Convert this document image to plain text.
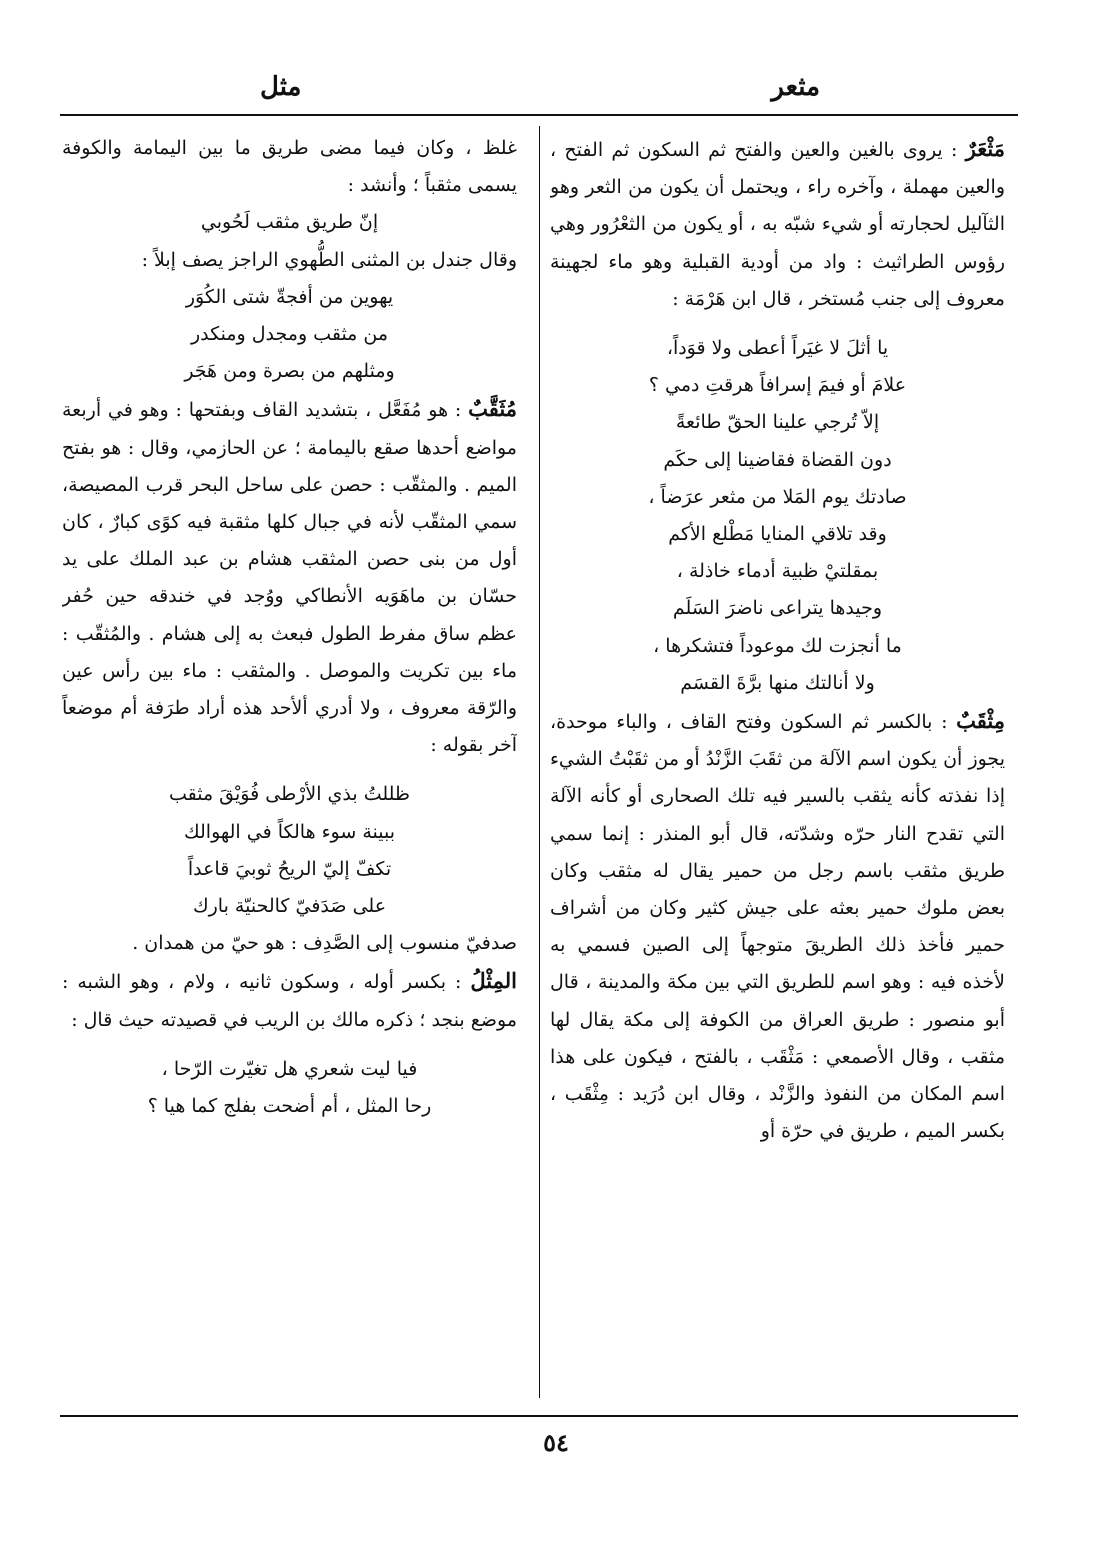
مثعر
مثل

مَثْعَرٌ : يروى بالغين والعين والفتح ثم السكون ثم الفتح ، والعين مهملة ، وآخره راء ، ويحتمل أن يكون من الثعر وهو الثآليل لحجارته أو شيء شبّه به ، أو يكون من الثعْرُور وهي رؤوس الطراثيث : واد من أودية القبلية وهو ماء لجهينة معروف إلى جنب مُستخر ، قال ابن هَرْمَة :

يا أثلَ لا غيَراً أعطى ولا قوَداً،

علامَ أو فيمَ إسرافاً هرقتِ دمي ؟

إلاّ تُرجي علينا الحقّ طائعةً

دون القضاة فقاضينا إلى حكَم

صادتك يوم المَلا من مثعر عرَضاً ،

وقد تلاقي المنايا مَطْلع الأكم

بمقلتيْ ظبية أدماء خاذلة ،

وجيدها يتراعى ناضرَ السَلَم

ما أنجزت لك موعوداً فتشكرها ،

ولا أنالتك منها برَّةَ القسَم

مِثْقَبٌ : بالكسر ثم السكون وفتح القاف ، والباء موحدة، يجوز أن يكون اسم الآلة من ثقَبَ الزَّنْدُ أو من ثقَبْتُ الشيء إذا نفذته كأنه يثقب بالسير فيه تلك الصحارى أو كأنه الآلة التي تقدح النار حرّه وشدّته، قال أبو المنذر : إنما سمي طريق مثقب باسم رجل من حمير يقال له مثقب وكان بعض ملوك حمير بعثه على جيش كثير وكان من أشراف حمير فأخذ ذلك الطريقَ متوجهاً إلى الصين فسمي به لأخذه فيه : وهو اسم للطريق التي بين مكة والمدينة ، قال أبو منصور : طريق العراق من الكوفة إلى مكة يقال لها مثقب ، وقال الأصمعي : مَثْقَب ، بالفتح ، فيكون على هذا اسم المكان من النفوذ والزَّنْد ، وقال ابن دُرَيد : مِثْقَب ، بكسر الميم ، طريق في حرّة أو

غلظ ، وكان فيما مضى طريق ما بين اليمامة والكوفة يسمى مثقباً ؛ وأنشد :

إنّ طريق مثقب لَحُوبي

وقال جندل بن المثنى الطُّهوي الراجز يصف إبلاً :

يهوين من أفجةّ شتى الكُوَر

من مثقب ومجدل ومنكدر

ومثلهم من بصرة ومن هَجَر

مُثَقَّبٌ : هو مُفَعَّل ، بتشديد القاف وبفتحها : وهو في أربعة مواضع أحدها صقع باليمامة ؛ عن الحازمي، وقال : هو بفتح الميم . والمثقّب : حصن على ساحل البحر قرب المصيصة، سمي المثقّب لأنه في جبال كلها مثقبة فيه كوًى كبارٌ ، كان أول من بنى حصن المثقب هشام بن عبد الملك على يد حسّان بن ماهَوَيه الأنطاكي ووُجد في خندقه حين حُفر عظم ساق مفرط الطول فبعث به إلى هشام . والمُثقّب : ماء بين تكريت والموصل . والمثقب : ماء بين رأس عين والرّقة معروف ، ولا أدري ألأحد هذه أراد طرَفة أم موضعاً آخر بقوله :

ظللتُ بذي الأرْطى فُوَيْقَ مثقب

ببينة سوء هالكاً في الهوالك

تكفّ إليّ الريحُ ثوبيَ قاعداً

على صَدَفيّ كالحنيّة بارك

صدفيّ منسوب إلى الصَّدِف : هو حيّ من همدان .

المِثْلُ : بكسر أوله ، وسكون ثانيه ، ولام ، وهو الشبه : موضع بنجد ؛ ذكره مالك بن الريب في قصيدته حيث قال :

فيا ليت شعري هل تغيّرت الرّحا ،

رحا المثل ، أم أضحت بفلج كما هيا ؟

٥٤
